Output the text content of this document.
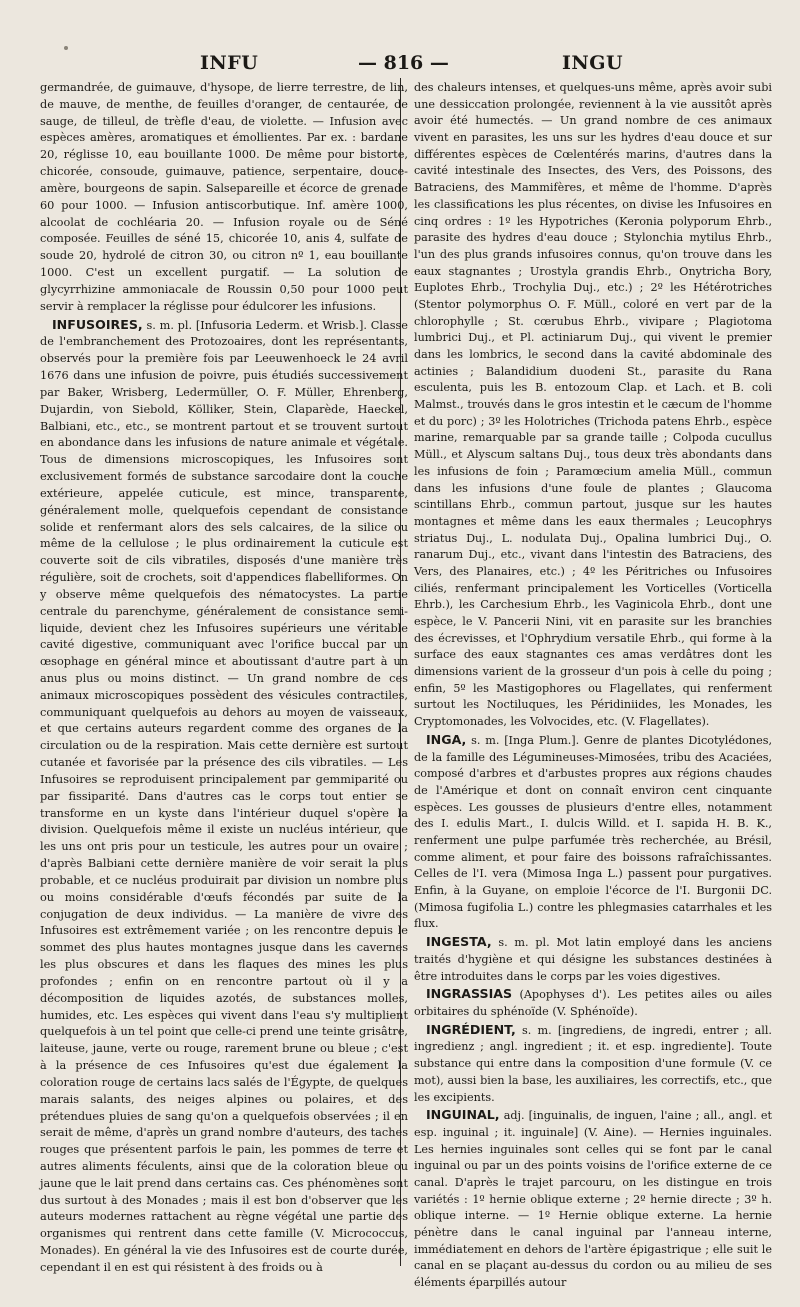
INFU	— 816 —	INGU

germandrée, de guimauve, d'hysope, de lierre terrestre, de lin, de mauve, de menthe, de feuilles d'oranger, de centaurée, de sauge, de tilleul, de trèfle d'eau, de violette. — Infusion avec espèces amères, aromatiques et émollientes. Par ex. : bardane 20, réglisse 10, eau bouillante 1000. De même pour bistorte, chicorée, consoude, guimauve, patience, serpentaire, douce-amère, bourgeons de sapin. Salsepareille et écorce de grenade 60 pour 1000. — Infusion antiscorbutique. Inf. amère 1000, alcoolat de cochléaria 20. — Infusion royale ou de Séné composée. Feuilles de séné 15, chicorée 10, anis 4, sulfate de soude 20, hydrolé de citron 30, ou citron nº 1, eau bouillante 1000. C'est un excellent purgatif. — La solution de glycyrrhizine ammoniacale de Roussin 0,50 pour 1000 peut servir à remplacer la réglisse pour édulcorer les infusions.

INFUSOIRES, s. m. pl. [Infusoria Lederm. et Wrisb.]. Classe de l'embranchement des Protozoaires, dont les représentants, observés pour la première fois par Leeuwenhoeck le 24 avril 1676 dans une infusion de poivre, puis étudiés successivement par Baker, Wrisberg, Ledermüller, O. F. Müller, Ehrenberg, Dujardin, von Siebold, Kölliker, Stein, Claparède, Haeckel, Balbiani, etc., etc., se montrent partout et se trouvent surtout en abondance dans les infusions de nature animale et végétale. Tous de dimensions microscopiques, les Infusoires sont exclusivement formés de substance sarcodaire dont la couche extérieure, appelée cuticule, est mince, transparente, généralement molle, quelquefois cependant de consistance solide et renfermant alors des sels calcaires, de la silice ou même de la cellulose ; le plus ordinairement la cuticule est couverte soit de cils vibratiles, disposés d'une manière très régulière, soit de crochets, soit d'appendices flabelliformes. On y observe même quelquefois des nématocystes. La partie centrale du parenchyme, généralement de consistance semi-liquide, devient chez les Infusoires supérieurs une véritable cavité digestive, communiquant avec l'orifice buccal par un œsophage en général mince et aboutissant d'autre part à un anus plus ou moins distinct. — Un grand nombre de ces animaux microscopiques possèdent des vésicules contractiles, communiquant quelquefois au dehors au moyen de vaisseaux, et que certains auteurs regardent comme des organes de la circulation ou de la respiration. Mais cette dernière est surtout cutanée et favorisée par la présence des cils vibratiles. — Les Infusoires se reproduisent principalement par gemmiparité ou par fissiparité. Dans d'autres cas le corps tout entier se transforme en un kyste dans l'intérieur duquel s'opère la division. Quelquefois même il existe un nucléus intérieur, que les uns ont pris pour un testicule, les autres pour un ovaire ; d'après Balbiani cette dernière manière de voir serait la plus probable, et ce nucléus produirait par division un nombre plus ou moins considérable d'œufs fécondés par suite de la conjugation de deux individus. — La manière de vivre des Infusoires est extrêmement variée ; on les rencontre depuis le sommet des plus hautes montagnes jusque dans les cavernes les plus obscures et dans les flaques des mines les plus profondes ; enfin on en rencontre partout où il y a décomposition de liquides azotés, de substances molles, humides, etc. Les espèces qui vivent dans l'eau s'y multiplient quelquefois à un tel point que celle-ci prend une teinte grisâtre, laiteuse, jaune, verte ou rouge, rarement brune ou bleue ; c'est à la présence de ces Infusoires qu'est due également la coloration rouge de certains lacs salés de l'Égypte, de quelques marais salants, des neiges alpines ou polaires, et des prétendues pluies de sang qu'on a quelquefois observées ; il en serait de même, d'après un grand nombre d'auteurs, des taches rouges que présentent parfois le pain, les pommes de terre et autres aliments féculents, ainsi que de la coloration bleue ou jaune que le lait prend dans certains cas. Ces phénomènes sont dus surtout à des Monades ; mais il est bon d'observer que les auteurs modernes rattachent au règne végétal une partie des organismes qui rentrent dans cette famille (V. Micrococcus, Monades). En général la vie des Infusoires est de courte durée, cependant il en est qui résistent à des froids ou à

des chaleurs intenses, et quelques-uns même, après avoir subi une dessiccation prolongée, reviennent à la vie aussitôt après avoir été humectés. — Un grand nombre de ces animaux vivent en parasites, les uns sur les hydres d'eau douce et sur différentes espèces de Cœlentérés marins, d'autres dans la cavité intestinale des Insectes, des Vers, des Poissons, des Batraciens, des Mammifères, et même de l'homme. D'après les classifications les plus récentes, on divise les Infusoires en cinq ordres : 1º les Hypotriches (Keronia polyporum Ehrb., parasite des hydres d'eau douce ; Stylonchia mytilus Ehrb., l'un des plus grands infusoires connus, qu'on trouve dans les eaux stagnantes ; Urostyla grandis Ehrb., Onytricha Bory, Euplotes Ehrb., Trochylia Duj., etc.) ; 2º les Hétérotriches (Stentor polymorphus O. F. Müll., coloré en vert par de la chlorophylle ; St. cœrubus Ehrb., vivipare ; Plagiotoma lumbrici Duj., et Pl. actiniarum Duj., qui vivent le premier dans les lombrics, le second dans la cavité abdominale des actinies ; Balandidium duodeni St., parasite du Rana esculenta, puis les B. entozoum Clap. et Lach. et B. coli Malmst., trouvés dans le gros intestin et le cæcum de l'homme et du porc) ; 3º les Holotriches (Trichoda patens Ehrb., espèce marine, remarquable par sa grande taille ; Colpoda cucullus Müll., et Alyscum saltans Duj., tous deux très abondants dans les infusions de foin ; Paramœcium amelia Müll., commun dans les infusions d'une foule de plantes ; Glaucoma scintillans Ehrb., commun partout, jusque sur les hautes montagnes et même dans les eaux thermales ; Leucophrys striatus Duj., L. nodulata Duj., Opalina lumbrici Duj., O. ranarum Duj., etc., vivant dans l'intestin des Batraciens, des Vers, des Planaires, etc.) ; 4º les Péritriches ou Infusoires ciliés, renfermant principalement les Vorticelles (Vorticella Ehrb.), les Carchesium Ehrb., les Vaginicola Ehrb., dont une espèce, le V. Pancerii Nini, vit en parasite sur les branchies des écrevisses, et l'Ophrydium versatile Ehrb., qui forme à la surface des eaux stagnantes ces amas verdâtres dont les dimensions varient de la grosseur d'un pois à celle du poing ; enfin, 5º les Mastigophores ou Flagellates, qui renferment surtout les Noctiluques, les Péridiniides, les Monades, les Cryptomonades, les Volvocides, etc. (V. Flagellates).

INGA, s. m. [Inga Plum.]. Genre de plantes Dicotylédones, de la famille des Légumineuses-Mimosées, tribu des Acaciées, composé d'arbres et d'arbustes propres aux régions chaudes de l'Amérique et dont on connaît environ cent cinquante espèces. Les gousses de plusieurs d'entre elles, notamment des I. edulis Mart., I. dulcis Willd. et I. sapida H. B. K., renferment une pulpe parfumée très recherchée, au Brésil, comme aliment, et pour faire des boissons rafraîchissantes. Celles de l'I. vera (Mimosa Inga L.) passent pour purgatives. Enfin, à la Guyane, on emploie l'écorce de l'I. Burgonii DC. (Mimosa fugifolia L.) contre les phlegmasies catarrhales et les flux.

INGESTA, s. m. pl. Mot latin employé dans les anciens traités d'hygiène et qui désigne les substances destinées à être introduites dans le corps par les voies digestives.

INGRASSIAS (Apophyses d'). Les petites ailes ou ailes orbitaires du sphénoïde (V. Sphénoïde).

INGRÉDIENT, s. m. [ingrediens, de ingredi, entrer ; all. ingredienz ; angl. ingredient ; it. et esp. ingrediente]. Toute substance qui entre dans la composition d'une formule (V. ce mot), aussi bien la base, les auxiliaires, les correctifs, etc., que les excipients.

INGUINAL, adj. [inguinalis, de inguen, l'aine ; all., angl. et esp. inguinal ; it. inguinale] (V. Aine). — Hernies inguinales. Les hernies inguinales sont celles qui se font par le canal inguinal ou par un des points voisins de l'orifice externe de ce canal. D'après le trajet parcouru, on les distingue en trois variétés : 1º hernie oblique externe ; 2º hernie directe ; 3º h. oblique interne. — 1º Hernie oblique externe. La hernie pénètre dans le canal inguinal par l'anneau interne, immédiatement en dehors de l'artère épigastrique ; elle suit le canal en se plaçant au-dessus du cordon ou au milieu de ses éléments éparpillés autour
